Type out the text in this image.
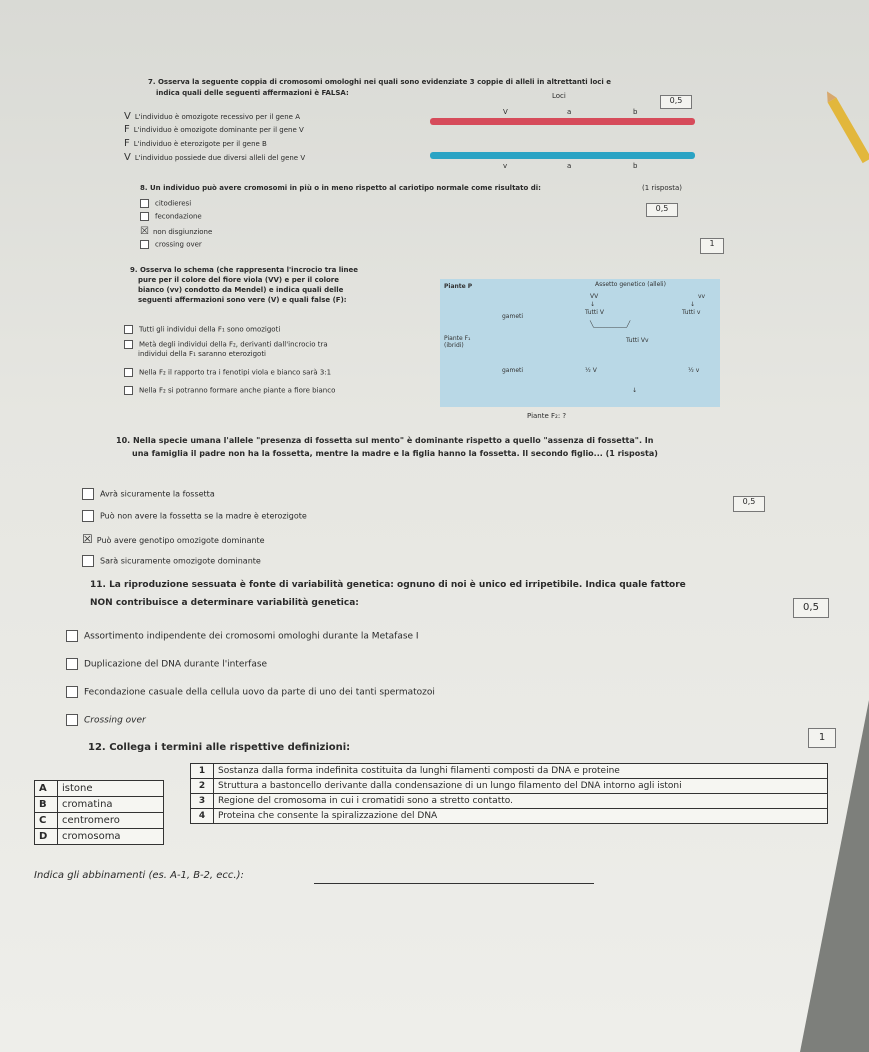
7. Osserva la seguente coppia di cromosomi omologhi nei quali sono evidenziate 3 coppie di alleli in altrettanti loci e
indica quali delle seguenti affermazioni è FALSA:
0,5
Loci
V	a	b
v	a	b
V L'individuo è omozigote recessivo per il gene A
F L'individuo è omozigote dominante per il gene V
F L'individuo è eterozigote per il gene B
V L'individuo possiede due diversi alleli del gene V
8. Un individuo può avere cromosomi in più o in meno rispetto al cariotipo normale come risultato di:	(1 risposta)
0,5
1
citodieresi
fecondazione
☒ non disgiunzione
crossing over
9. Osserva lo schema (che rappresenta l'incrocio tra linee
pure per il colore del fiore viola (VV) e per il colore
bianco (vv) condotto da Mendel) e indica quali delle
seguenti affermazioni sono vere (V) e quali false (F):
Tutti gli individui della F₁ sono omozigoti
Metà degli individui della F₂, derivanti dall'incrocio tra
individui della F₁ saranno eterozigoti
Nella F₂ il rapporto tra i fenotipi viola e bianco sarà 3:1
Nella F₂ si potranno formare anche piante a fiore bianco
Piante P	Assetto genetico (alleli)
VV	vv
↓	↓
gameti
Tutti V	Tutti v
╲___________╱
Piante F₁
(ibridi)
Tutti Vv
gameti	½ V	½ v
↓
Piante F₂: ?
10. Nella specie umana l'allele "presenza di fossetta sul mento" è dominante rispetto a quello "assenza di fossetta". In
una famiglia il padre non ha la fossetta, mentre la madre e la figlia hanno la fossetta. Il secondo figlio... (1 risposta)
0,5
Avrà sicuramente la fossetta
Può non avere la fossetta se la madre è eterozigote
☒ Può avere genotipo omozigote dominante
Sarà sicuramente omozigote dominante
11. La riproduzione sessuata è fonte di variabilità genetica: ognuno di noi è unico ed irripetibile. Indica quale fattore
NON contribuisce a determinare variabilità genetica:	0,5
Assortimento indipendente dei cromosomi omologhi durante la Metafase I
Duplicazione del DNA durante l'interfase
Fecondazione casuale della cellula uovo da parte di uno dei tanti spermatozoi
Crossing over
12. Collega i termini alle rispettive definizioni:
1
A	istone
B	cromatina
C	centromero
D	cromosoma
1	Sostanza dalla forma indefinita costituita da lunghi filamenti composti da DNA e proteine
2	Struttura a bastoncello derivante dalla condensazione di un lungo filamento del DNA intorno agli istoni
3	Regione del cromosoma in cui i cromatidi sono a stretto contatto.
4	Proteina che consente la spiralizzazione del DNA
Indica gli abbinamenti (es. A-1, B-2, ecc.):
